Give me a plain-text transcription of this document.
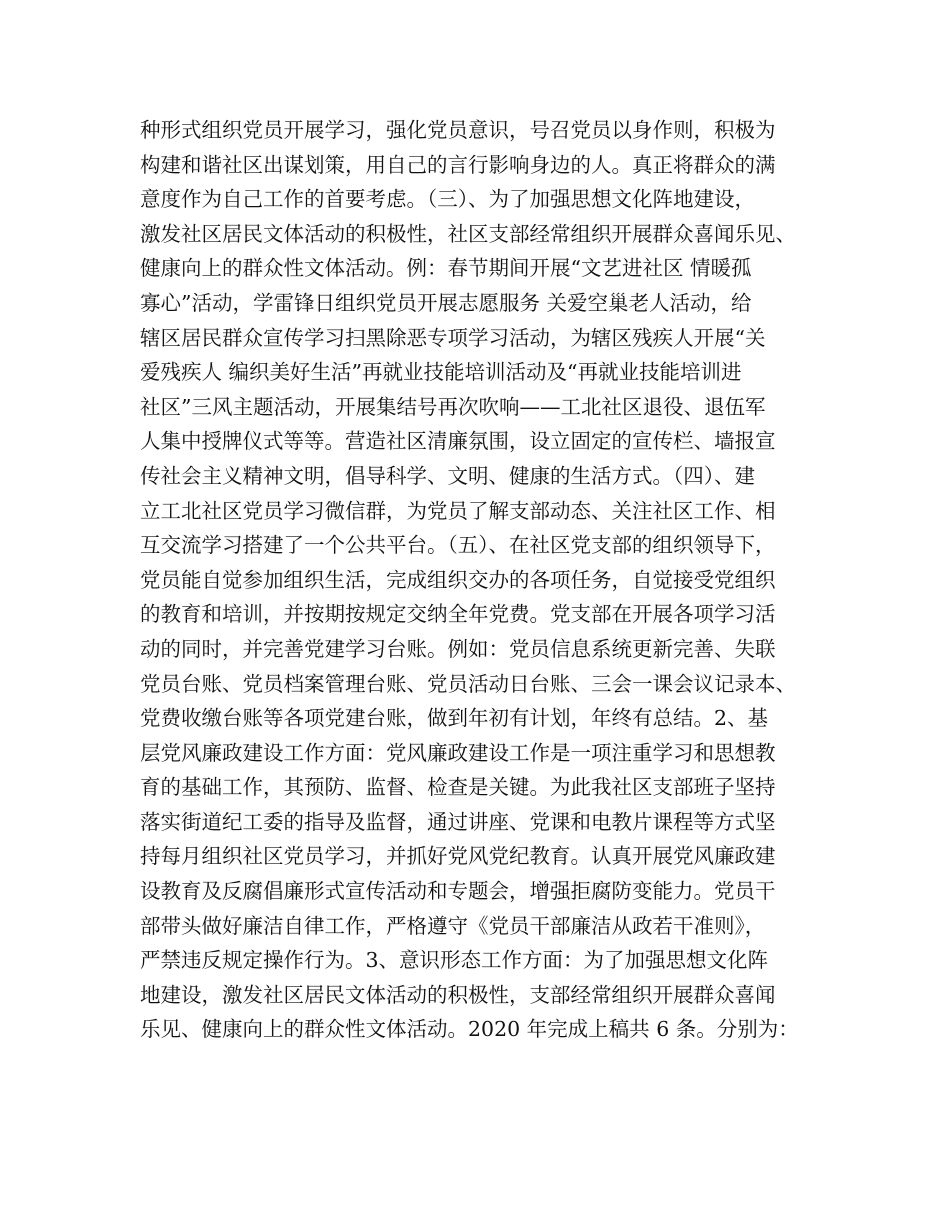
种形式组织党员开展学习，强化党员意识，号召党员以身作则，积极为
构建和谐社区出谋划策，用自己的言行影响身边的人。真正将群众的满
意度作为自己工作的首要考虑。（三）、为了加强思想文化阵地建设，
激发社区居民文体活动的积极性，社区支部经常组织开展群众喜闻乐见、
健康向上的群众性文体活动。例：春节期间开展“文艺进社区 情暖孤
寡心”活动，学雷锋日组织党员开展志愿服务 关爱空巢老人活动，给
辖区居民群众宣传学习扫黑除恶专项学习活动，为辖区残疾人开展“关
爱残疾人 编织美好生活”再就业技能培训活动及“再就业技能培训进
社区”三风主题活动，开展集结号再次吹响——工北社区退役、退伍军
人集中授牌仪式等等。营造社区清廉氛围，设立固定的宣传栏、墙报宣
传社会主义精神文明，倡导科学、文明、健康的生活方式。（四）、建
立工北社区党员学习微信群，为党员了解支部动态、关注社区工作、相
互交流学习搭建了一个公共平台。（五）、在社区党支部的组织领导下，
党员能自觉参加组织生活，完成组织交办的各项任务，自觉接受党组织
的教育和培训，并按期按规定交纳全年党费。党支部在开展各项学习活
动的同时，并完善党建学习台账。例如：党员信息系统更新完善、失联
党员台账、党员档案管理台账、党员活动日台账、三会一课会议记录本、
党费收缴台账等各项党建台账，做到年初有计划，年终有总结。2、基
层党风廉政建设工作方面：党风廉政建设工作是一项注重学习和思想教
育的基础工作，其预防、监督、检查是关键。为此我社区支部班子坚持
落实街道纪工委的指导及监督，通过讲座、党课和电教片课程等方式坚
持每月组织社区党员学习，并抓好党风党纪教育。认真开展党风廉政建
设教育及反腐倡廉形式宣传活动和专题会，增强拒腐防变能力。党员干
部带头做好廉洁自律工作，严格遵守《党员干部廉洁从政若干准则》，
严禁违反规定操作行为。3、意识形态工作方面：为了加强思想文化阵
地建设，激发社区居民文体活动的积极性，支部经常组织开展群众喜闻
乐见、健康向上的群众性文体活动。2020 年完成上稿共 6 条。分别为：
